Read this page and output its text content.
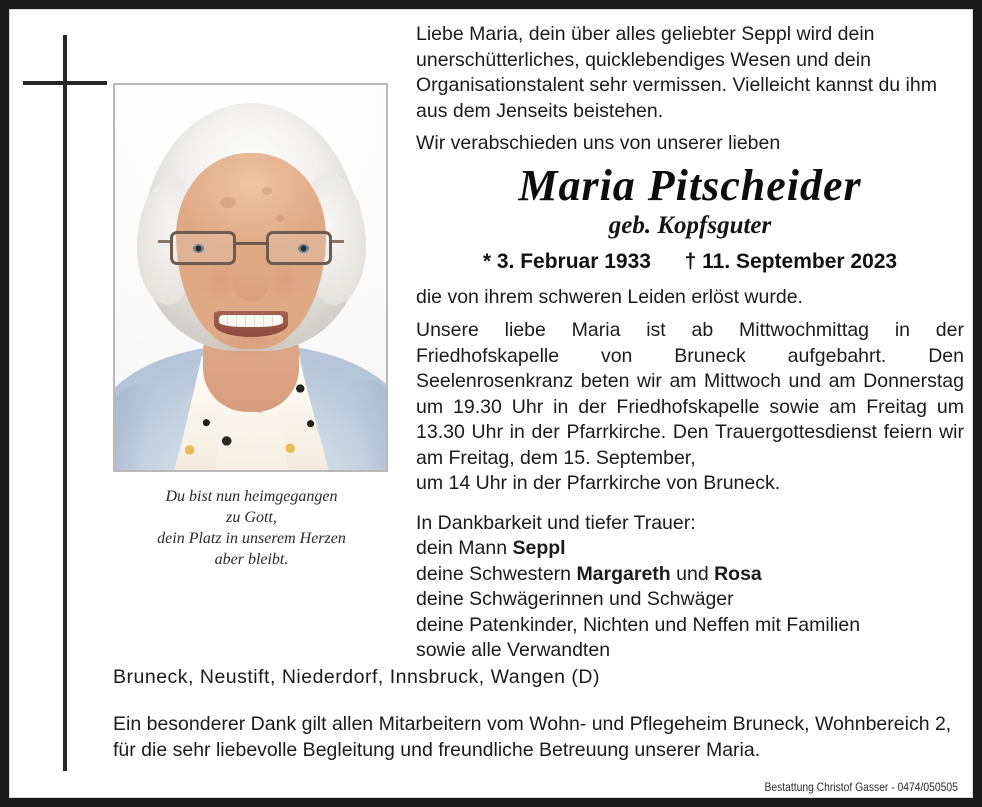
Du bist nun heimgegangen
zu Gott,
dein Platz in unserem Herzen
aber bleibt.

Liebe Maria, dein über alles geliebter Seppl wird dein unerschütterliches, quicklebendiges Wesen und dein Organisationstalent sehr vermissen. Vielleicht kannst du ihm aus dem Jenseits beistehen.

Wir verabschieden uns von unserer lieben

Maria Pitscheider
geb. Kopfsguter
* 3. Februar 1933 † 11. September 2023

die von ihrem schweren Leiden erlöst wurde.

Unsere liebe Maria ist ab Mittwochmittag in der Friedhofskapelle von Bruneck aufgebahrt. Den Seelenrosenkranz beten wir am Mittwoch und am Donnerstag um 19.30 Uhr in der Friedhofskapelle sowie am Freitag um 13.30 Uhr in der Pfarrkirche. Den Trauergottesdienst feiern wir am Freitag, dem 15. September,
um 14 Uhr in der Pfarrkirche von Bruneck.

In Dankbarkeit und tiefer Trauer:
dein Mann Seppl
deine Schwestern Margareth und Rosa
deine Schwägerinnen und Schwäger
deine Patenkinder, Nichten und Neffen mit Familien
sowie alle Verwandten
Bruneck, Neustift, Niederdorf, Innsbruck, Wangen (D)
Ein besonderer Dank gilt allen Mitarbeitern vom Wohn- und Pflegeheim Bruneck, Wohnbereich 2, für die sehr liebevolle Begleitung und freundliche Betreuung unserer Maria.
Bestattung Christof Gasser - 0474/050505
